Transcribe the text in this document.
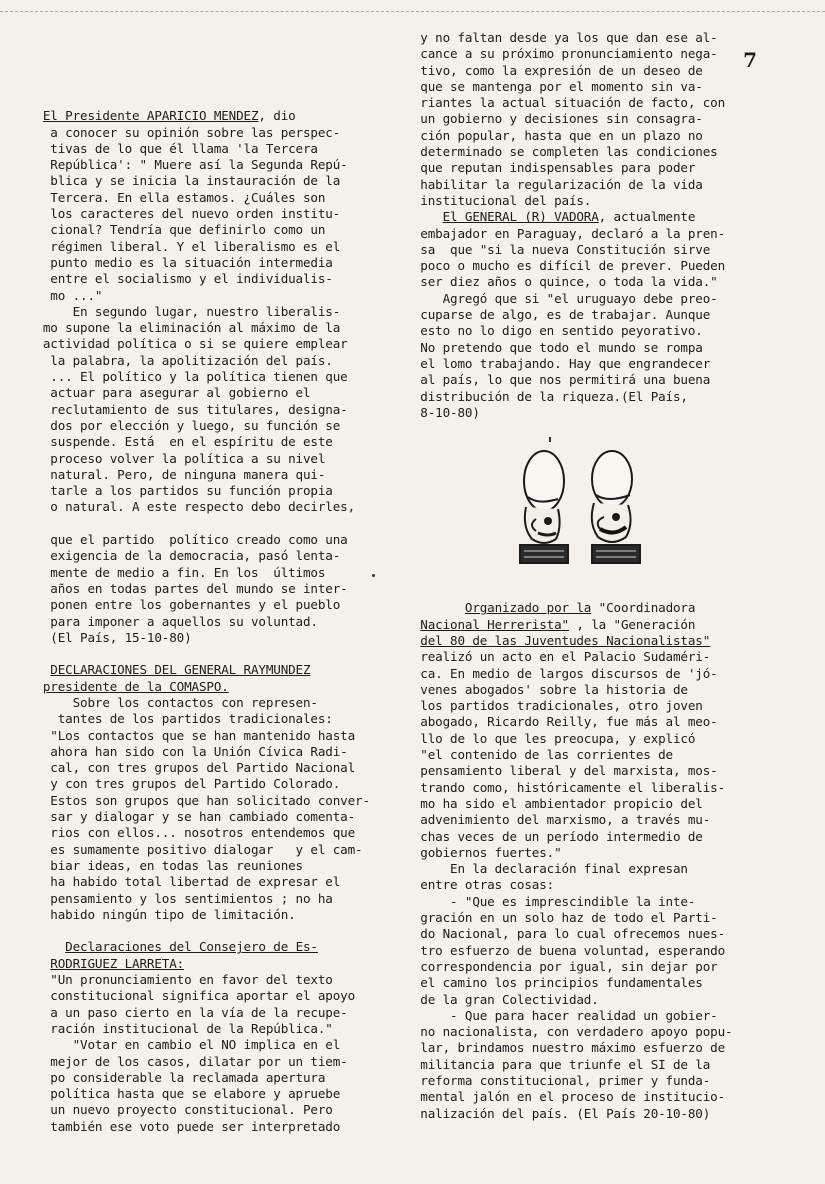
7

El Presidente APARICIO MENDEZ, dio
a conocer su opinión sobre las perspec-
tivas de lo que él llama 'la Tercera
República': " Muere así la Segunda Repú-
blica y se inicia la instauración de la
Tercera. En ella estamos. ¿Cuáles son
los caracteres del nuevo orden institu-
cional? Tendría que definirlo como un
régimen liberal. Y el liberalismo es el
punto medio es la situación intermedia
entre el socialismo y el individualis-
mo ..."
En segundo lugar, nuestro liberalis-
mo supone la eliminación al máximo de la
actividad política o si se quiere emplear
la palabra, la apolitización del país.
... El político y la política tienen que
actuar para asegurar al gobierno el
reclutamiento de sus titulares, designa-
dos por elección y luego, su función se
suspende. Está  en el espíritu de este
proceso volver la política a su nivel
natural. Pero, de ninguna manera qui-
tarle a los partidos su función propia
o natural. A este respecto debo decirles,

que el partido  político creado como una
exigencia de la democracia, pasó lenta-
mente de medio a fin. En los  últimos
años en todas partes del mundo se inter-
ponen entre los gobernantes y el pueblo
para imponer a aquellos su voluntad.
(El País, 15-10-80)

DECLARACIONES DEL GENERAL RAYMUNDEZ
presidente de la COMASPO.
Sobre los contactos con represen-
tantes de los partidos tradicionales:
"Los contactos que se han mantenido hasta
ahora han sido con la Unión Cívica Radi-
cal, con tres grupos del Partido Nacional
y con tres grupos del Partido Colorado.
Estos son grupos que han solicitado conver-
sar y dialogar y se han cambiado comenta-
rios con ellos... nosotros entendemos que
es sumamente positivo dialogar   y el cam-
biar ideas, en todas las reuniones
ha habido total libertad de expresar el
pensamiento y los sentimientos ; no ha
habido ningún tipo de limitación.

Declaraciones del Consejero de Es-
RODRIGUEZ LARRETA:
"Un pronunciamiento en favor del texto
constitucional significa aportar el apoyo
a un paso cierto en la vía de la recupe-
ración institucional de la República."
"Votar en cambio el NO implica en el
mejor de los casos, dilatar por un tiem-
po considerable la reclamada apertura
política hasta que se elabore y apruebe
un nuevo proyecto constitucional. Pero
también ese voto puede ser interpretado
y no faltan desde ya los que dan ese al-
cance a su próximo pronunciamiento nega-
tivo, como la expresión de un deseo de
que se mantenga por el momento sin va-
riantes la actual situación de facto, con
un gobierno y decisiones sin consagra-
ción popular, hasta que en un plazo no
determinado se completen las condiciones
que reputan indispensables para poder
habilitar la regularización de la vida
institucional del país.
El GENERAL (R) VADORA, actualmente
embajador en Paraguay, declaró a la pren-
sa  que "si la nueva Constitución sirve
poco o mucho es difícil de prever. Pueden
ser diez años o quince, o toda la vida."
Agregó que si "el uruguayo debe preo-
cuparse de algo, es de trabajar. Aunque
esto no lo digo en sentido peyorativo.
No pretendo que todo el mundo se rompa
el lomo trabajando. Hay que engrandecer
al país, lo que nos permitirá una buena
distribución de la riqueza.(El País,
8-10-80)

Organizado por la "Coordinadora
Nacional Herrerista" , la "Generación
del 80 de las Juventudes Nacionalistas"
realizó un acto en el Palacio Sudaméri-
ca. En medio de largos discursos de 'jó-
venes abogados' sobre la historia de
los partidos tradicionales, otro joven
abogado, Ricardo Reilly, fue más al meo-
llo de lo que les preocupa, y explicó
"el contenido de las corrientes de
pensamiento liberal y del marxista, mos-
trando como, históricamente el liberalis-
mo ha sido el ambientador propicio del
advenimiento del marxismo, a través mu-
chas veces de un período intermedio de
gobiernos fuertes."
En la declaración final expresan
entre otras cosas:
- "Que es imprescindible la inte-
gración en un solo haz de todo el Parti-
do Nacional, para lo cual ofrecemos nues-
tro esfuerzo de buena voluntad, esperando
correspondencia por igual, sin dejar por
el camino los principios fundamentales
de la gran Colectividad.
- Que para hacer realidad un gobier-
no nacionalista, con verdadero apoyo popu-
lar, brindamos nuestro máximo esfuerzo de
militancia para que triunfe el SI de la
reforma constitucional, primer y funda-
mental jalón en el proceso de institucio-
nalización del país. (El País 20-10-80)
